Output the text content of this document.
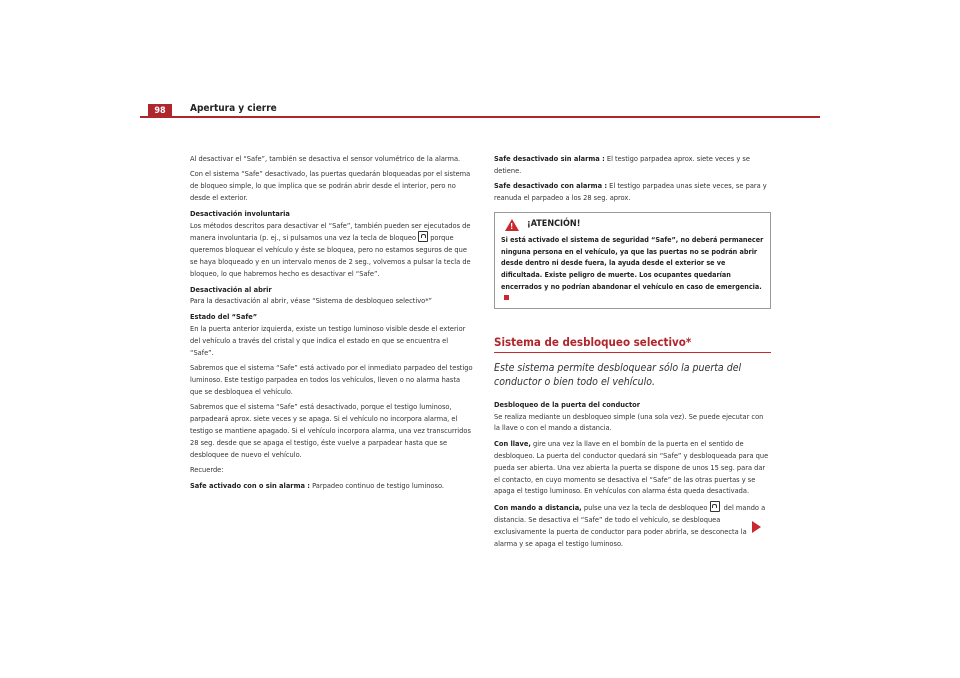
98	Apertura y cierre

Al desactivar el “Safe”, también se desactiva el sensor volumétrico de la alarma.

Con el sistema “Safe” desactivado, las puertas quedarán bloqueadas por el sistema de bloqueo simple, lo que implica que se podrán abrir desde el interior, pero no desde el exterior.

Desactivación involuntaria

Los métodos descritos para desactivar el “Safe”, también pueden ser ejecutados de manera involuntaria (p. ej., si pulsamos una vez la tecla de bloqueo porque queremos bloquear el vehículo y éste se bloquea, pero no estamos seguros de que se haya bloqueado y en un intervalo menos de 2 seg., volvemos a pulsar la tecla de bloqueo, lo que habremos hecho es desactivar el “Safe”.

Desactivación al abrir

Para la desactivación al abrir, véase “Sistema de desbloqueo selectivo*”

Estado del “Safe”

En la puerta anterior izquierda, existe un testigo luminoso visible desde el exterior del vehículo a través del cristal y que indica el estado en que se encuentra el “Safe”.

Sabremos que el sistema “Safe” está activado por el inmediato parpadeo del testigo luminoso. Este testigo parpadea en todos los vehículos, lleven o no alarma hasta que se desbloquea el vehículo.

Sabremos que el sistema “Safe” está desactivado, porque el testigo luminoso, parpadeará aprox. siete veces y se apaga. Si el vehículo no incorpora alarma, el testigo se mantiene apagado. Si el vehículo incorpora alarma, una vez transcurridos 28 seg. desde que se apaga el testigo, éste vuelve a parpadear hasta que se desbloquee de nuevo el vehículo.

Recuerde:

Safe activado con o sin alarma : Parpadeo continuo de testigo luminoso.

Safe desactivado sin alarma : El testigo parpadea aprox. siete veces y se detiene.

Safe desactivado con alarma : El testigo parpadea unas siete veces, se para y reanuda el parpadeo a los 28 seg. aprox.

!
¡ATENCIÓN!
Si está activado el sistema de seguridad “Safe”, no deberá permanecer ninguna persona en el vehículo, ya que las puertas no se podrán abrir desde dentro ni desde fuera, la ayuda desde el exterior se ve dificultada. Existe peligro de muerte. Los ocupantes quedarían encerrados y no podrían abandonar el vehículo en caso de emergencia.
Sistema de desbloqueo selectivo*
Este sistema permite desbloquear sólo la puerta del conductor o bien todo el vehículo.
Desbloqueo de la puerta del conductor

Se realiza mediante un desbloqueo simple (una sola vez). Se puede ejecutar con la llave o con el mando a distancia.

Con llave, gire una vez la llave en el bombín de la puerta en el sentido de desbloqueo. La puerta del conductor quedará sin “Safe” y desbloqueada para que pueda ser abierta. Una vez abierta la puerta se dispone de unos 15 seg. para dar el contacto, en cuyo momento se desactiva el “Safe” de las otras puertas y se apaga el testigo luminoso. En vehículos con alarma ésta queda desactivada.

Con mando a distancia, pulse una vez la tecla de desbloqueo del mando a distancia. Se desactiva el “Safe” de todo el vehículo, se desbloquea exclusivamente la puerta de conductor para poder abrirla, se desconecta la alarma y se apaga el testigo luminoso.
